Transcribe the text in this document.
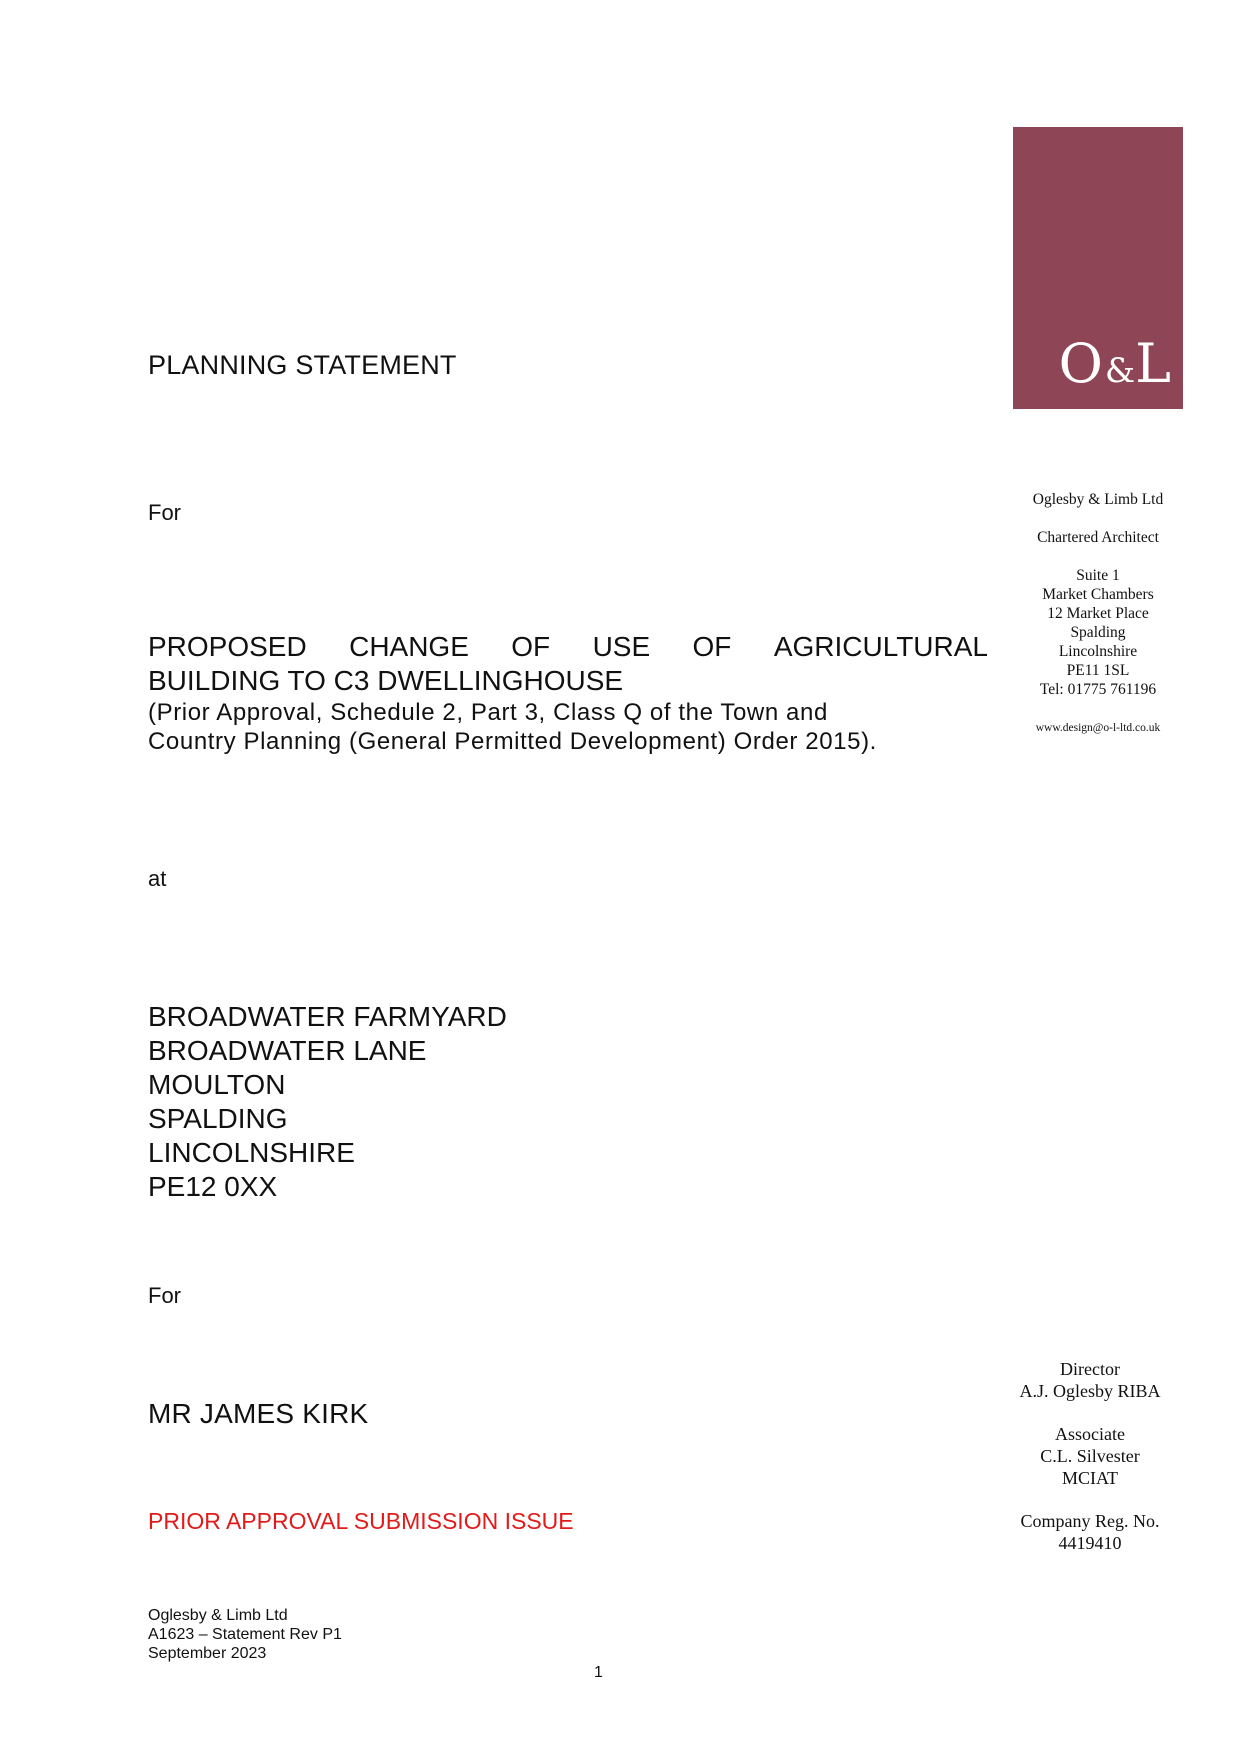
PLANNING STATEMENT
For
PROPOSED CHANGE OF USE OF AGRICULTURAL
BUILDING TO C3 DWELLINGHOUSE
(Prior Approval, Schedule 2, Part 3, Class Q of the Town and
Country Planning (General Permitted Development) Order 2015).
at
BROADWATER FARMYARD
BROADWATER LANE
MOULTON
SPALDING
LINCOLNSHIRE
PE12 0XX
For
MR JAMES KIRK
PRIOR APPROVAL SUBMISSION ISSUE
Oglesby & Limb Ltd
A1623 – Statement Rev P1
September 2023
1
O&L
Oglesby & Limb Ltd
Chartered Architect
Suite 1
Market Chambers
12 Market Place
Spalding
Lincolnshire
PE11 1SL
Tel: 01775 761196
www.design@o-l-ltd.co.uk
Director
A.J. Oglesby RIBA
Associate
C.L. Silvester
MCIAT
Company Reg. No.
4419410
